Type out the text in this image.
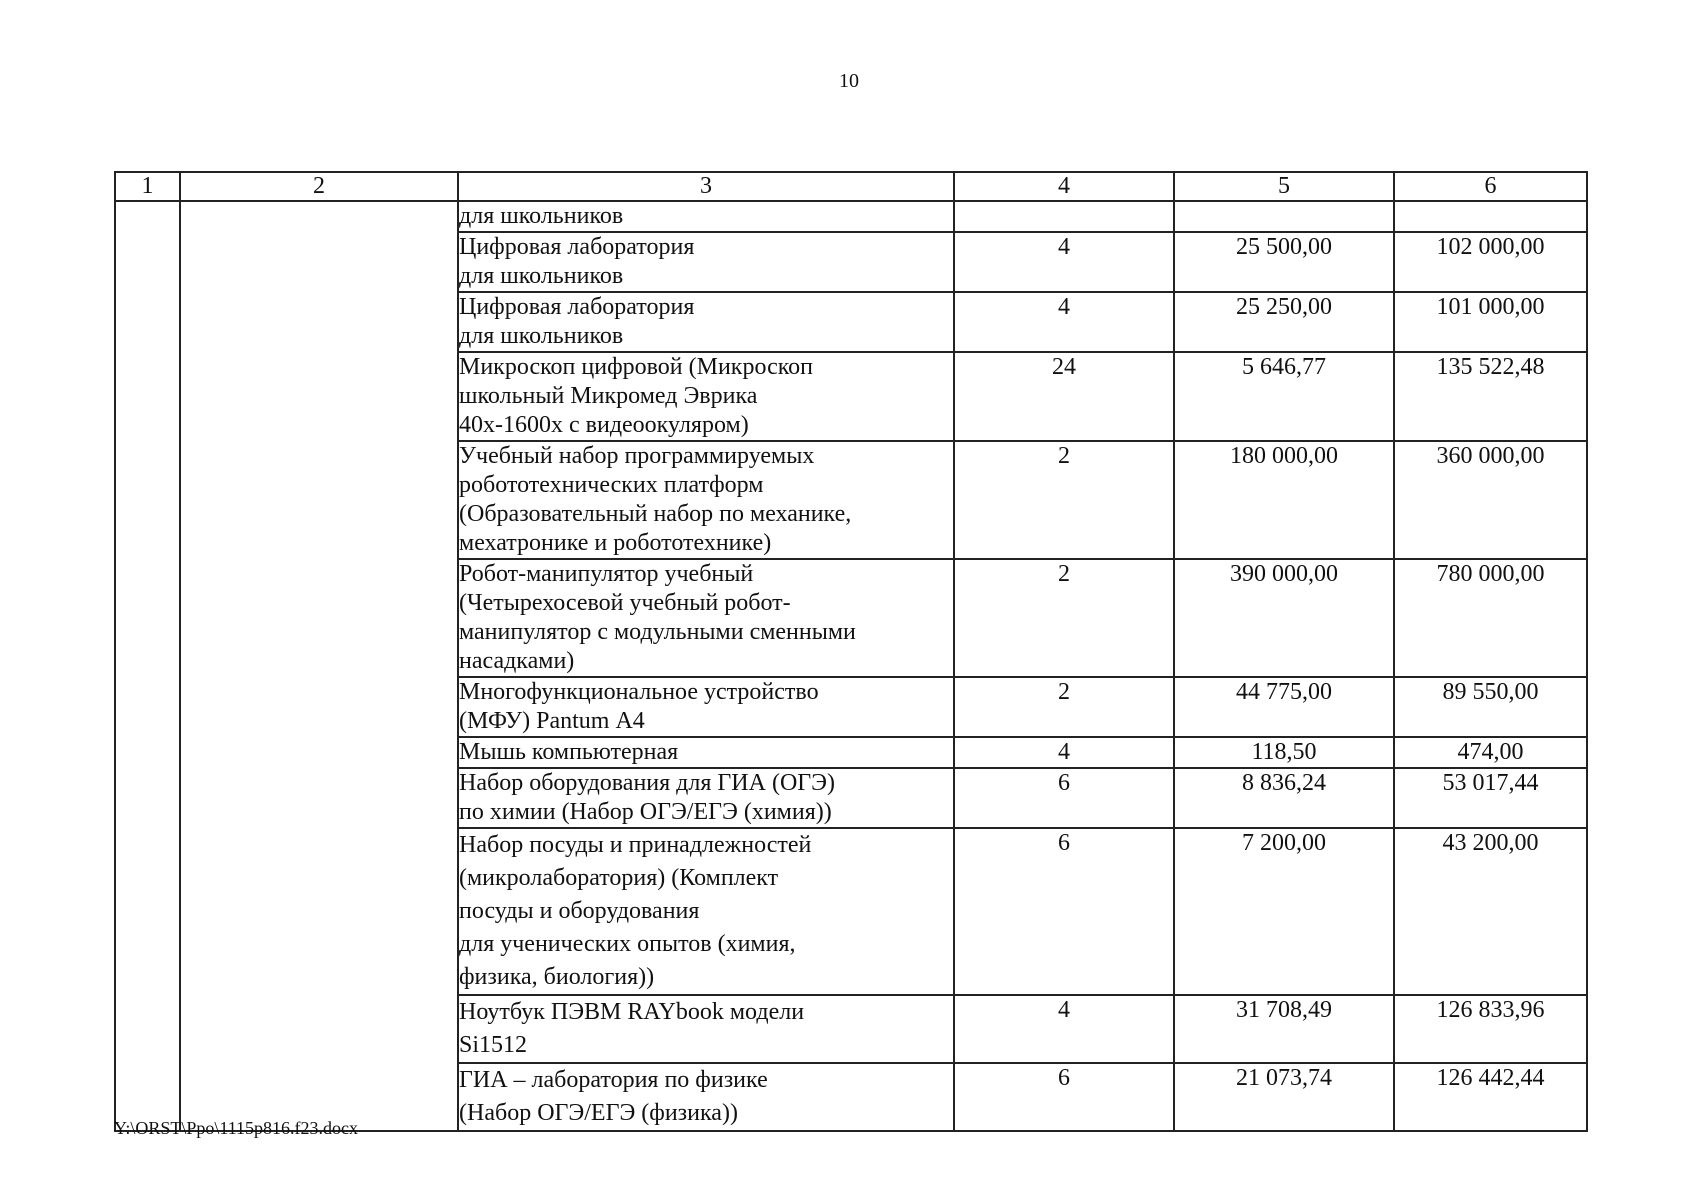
10
1	2	3	4	5	6
		для школьников			
		Цифровая лаборатория
для школьников	4	25 500,00	102 000,00
		Цифровая лаборатория
для школьников	4	25 250,00	101 000,00
		Микроскоп цифровой (Микроскоп
школьный Микромед Эврика
40х-1600х с видеоокуляром)	24	5 646,77	135 522,48
		Учебный набор программируемых
робототехнических платформ
(Образовательный набор по механике,
мехатронике и робототехнике)	2	180 000,00	360 000,00
		Робот-манипулятор учебный
(Четырехосевой учебный робот-
манипулятор с модульными сменными
насадками)	2	390 000,00	780 000,00
		Многофункциональное устройство
(МФУ) Pantum А4	2	44 775,00	89 550,00
		Мышь компьютерная	4	118,50	474,00
		Набор оборудования для ГИА (ОГЭ)
по химии (Набор ОГЭ/ЕГЭ (химия))	6	8 836,24	53 017,44
		Набор посуды и принадлежностей
(микролаборатория) (Комплект
посуды и оборудования
для ученических опытов (химия,
физика, биология))	6	7 200,00	43 200,00
		Ноутбук ПЭВМ RAYbook модели
Si1512	4	31 708,49	126 833,96
		ГИА – лаборатория по физике
(Набор ОГЭ/ЕГЭ (физика))	6	21 073,74	126 442,44
Y:\ORST\Ppo\1115p816.f23.docx
